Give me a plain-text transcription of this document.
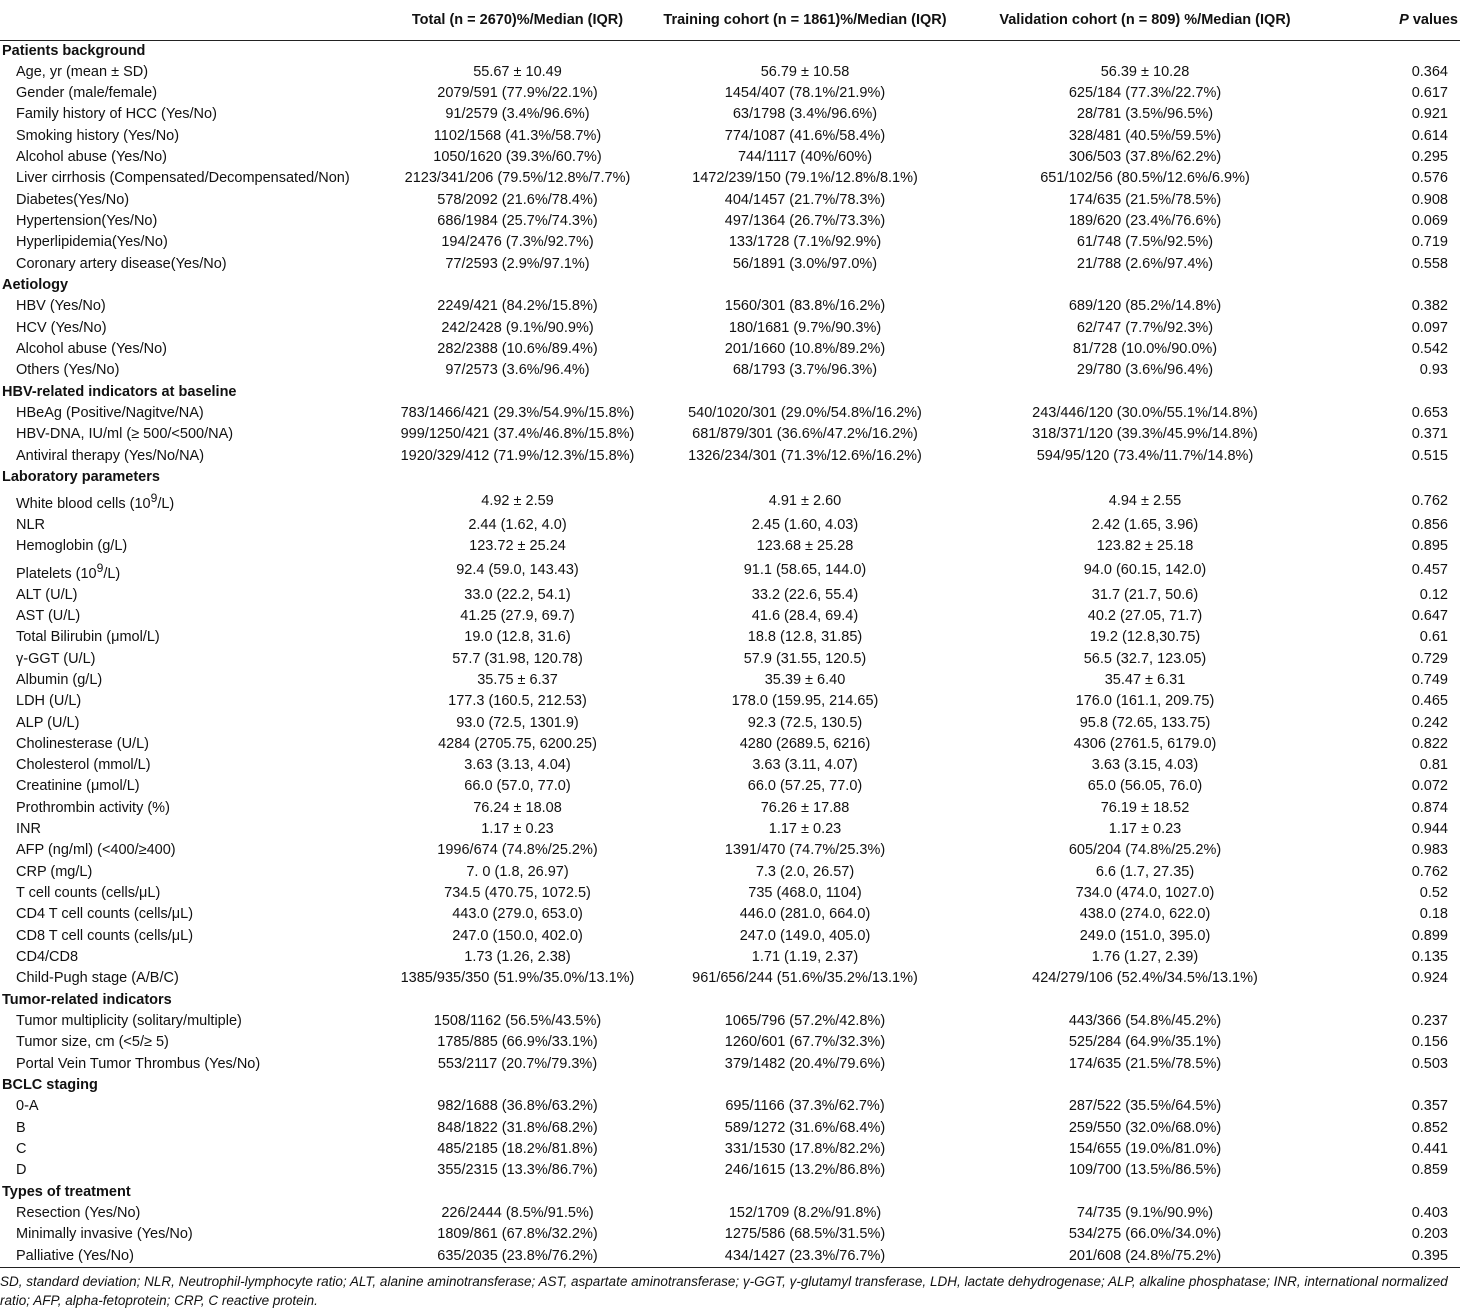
	Total (n = 2670)%/Median (IQR)	Training cohort (n = 1861)%/Median (IQR)	Validation cohort (n = 809) %/Median (IQR)	P values
Patients background				
Age, yr (mean ± SD)	55.67 ± 10.49	56.79 ± 10.58	56.39 ± 10.28	0.364
Gender (male/female)	2079/591 (77.9%/22.1%)	1454/407 (78.1%/21.9%)	625/184 (77.3%/22.7%)	0.617
Family history of HCC (Yes/No)	91/2579 (3.4%/96.6%)	63/1798 (3.4%/96.6%)	28/781 (3.5%/96.5%)	0.921
Smoking history (Yes/No)	1102/1568 (41.3%/58.7%)	774/1087 (41.6%/58.4%)	328/481 (40.5%/59.5%)	0.614
Alcohol abuse (Yes/No)	1050/1620 (39.3%/60.7%)	744/1117 (40%/60%)	306/503 (37.8%/62.2%)	0.295
Liver cirrhosis (Compensated/Decompensated/Non)	2123/341/206 (79.5%/12.8%/7.7%)	1472/239/150 (79.1%/12.8%/8.1%)	651/102/56 (80.5%/12.6%/6.9%)	0.576
Diabetes(Yes/No)	578/2092 (21.6%/78.4%)	404/1457 (21.7%/78.3%)	174/635 (21.5%/78.5%)	0.908
Hypertension(Yes/No)	686/1984 (25.7%/74.3%)	497/1364 (26.7%/73.3%)	189/620 (23.4%/76.6%)	0.069
Hyperlipidemia(Yes/No)	194/2476 (7.3%/92.7%)	133/1728 (7.1%/92.9%)	61/748 (7.5%/92.5%)	0.719
Coronary artery disease(Yes/No)	77/2593 (2.9%/97.1%)	56/1891 (3.0%/97.0%)	21/788 (2.6%/97.4%)	0.558
Aetiology				
HBV (Yes/No)	2249/421 (84.2%/15.8%)	1560/301 (83.8%/16.2%)	689/120 (85.2%/14.8%)	0.382
HCV (Yes/No)	242/2428 (9.1%/90.9%)	180/1681 (9.7%/90.3%)	62/747 (7.7%/92.3%)	0.097
Alcohol abuse (Yes/No)	282/2388 (10.6%/89.4%)	201/1660 (10.8%/89.2%)	81/728 (10.0%/90.0%)	0.542
Others (Yes/No)	97/2573 (3.6%/96.4%)	68/1793 (3.7%/96.3%)	29/780 (3.6%/96.4%)	0.93
HBV-related indicators at baseline				
HBeAg (Positive/Nagitve/NA)	783/1466/421 (29.3%/54.9%/15.8%)	540/1020/301 (29.0%/54.8%/16.2%)	243/446/120 (30.0%/55.1%/14.8%)	0.653
HBV-DNA, IU/ml (≥ 500/<500/NA)	999/1250/421 (37.4%/46.8%/15.8%)	681/879/301 (36.6%/47.2%/16.2%)	318/371/120 (39.3%/45.9%/14.8%)	0.371
Antiviral therapy (Yes/No/NA)	1920/329/412 (71.9%/12.3%/15.8%)	1326/234/301 (71.3%/12.6%/16.2%)	594/95/120 (73.4%/11.7%/14.8%)	0.515
Laboratory parameters				
White blood cells $(10^9/L)$	4.92 ± 2.59	4.91 ± 2.60	4.94 ± 2.55	0.762
NLR	2.44 (1.62, 4.0)	2.45 (1.60, 4.03)	2.42 (1.65, 3.96)	0.856
Hemoglobin (g/L)	123.72 ± 25.24	123.68 ± 25.28	123.82 ± 25.18	0.895
Platelets $(10^9/L)$	92.4 (59.0, 143.43)	91.1 (58.65, 144.0)	94.0 (60.15, 142.0)	0.457
ALT (U/L)	33.0 (22.2, 54.1)	33.2 (22.6, 55.4)	31.7 (21.7, 50.6)	0.12
AST (U/L)	41.25 (27.9, 69.7)	41.6 (28.4, 69.4)	40.2 (27.05, 71.7)	0.647
Total Bilirubin (μmol/L)	19.0 (12.8, 31.6)	18.8 (12.8, 31.85)	19.2 (12.8,30.75)	0.61
γ-GGT (U/L)	57.7 (31.98, 120.78)	57.9 (31.55, 120.5)	56.5 (32.7, 123.05)	0.729
Albumin (g/L)	35.75 ± 6.37	35.39 ± 6.40	35.47 ± 6.31	0.749
LDH (U/L)	177.3 (160.5, 212.53)	178.0 (159.95, 214.65)	176.0 (161.1, 209.75)	0.465
ALP (U/L)	93.0 (72.5, 1301.9)	92.3 (72.5, 130.5)	95.8 (72.65, 133.75)	0.242
Cholinesterase (U/L)	4284 (2705.75, 6200.25)	4280 (2689.5, 6216)	4306 (2761.5, 6179.0)	0.822
Cholesterol (mmol/L)	3.63 (3.13, 4.04)	3.63 (3.11, 4.07)	3.63 (3.15, 4.03)	0.81
Creatinine (μmol/L)	66.0 (57.0, 77.0)	66.0 (57.25, 77.0)	65.0 (56.05, 76.0)	0.072
Prothrombin activity (%)	76.24 ± 18.08	76.26 ± 17.88	76.19 ± 18.52	0.874
INR	1.17 ± 0.23	1.17 ± 0.23	1.17 ± 0.23	0.944
AFP (ng/ml) (<400/≥400)	1996/674 (74.8%/25.2%)	1391/470 (74.7%/25.3%)	605/204 (74.8%/25.2%)	0.983
CRP (mg/L)	7. 0 (1.8, 26.97)	7.3 (2.0, 26.57)	6.6 (1.7, 27.35)	0.762
T cell counts (cells/μL)	734.5 (470.75, 1072.5)	735 (468.0, 1104)	734.0 (474.0, 1027.0)	0.52
CD4 T cell counts (cells/μL)	443.0 (279.0, 653.0)	446.0 (281.0, 664.0)	438.0 (274.0, 622.0)	0.18
CD8 T cell counts (cells/μL)	247.0 (150.0, 402.0)	247.0 (149.0, 405.0)	249.0 (151.0, 395.0)	0.899
CD4/CD8	1.73 (1.26, 2.38)	1.71 (1.19, 2.37)	1.76 (1.27, 2.39)	0.135
Child-Pugh stage (A/B/C)	1385/935/350 (51.9%/35.0%/13.1%)	961/656/244 (51.6%/35.2%/13.1%)	424/279/106 (52.4%/34.5%/13.1%)	0.924
Tumor-related indicators				
Tumor multiplicity (solitary/multiple)	1508/1162 (56.5%/43.5%)	1065/796 (57.2%/42.8%)	443/366 (54.8%/45.2%)	0.237
Tumor size, cm (<5/≥ 5)	1785/885 (66.9%/33.1%)	1260/601 (67.7%/32.3%)	525/284 (64.9%/35.1%)	0.156
Portal Vein Tumor Thrombus (Yes/No)	553/2117 (20.7%/79.3%)	379/1482 (20.4%/79.6%)	174/635 (21.5%/78.5%)	0.503
BCLC staging				
0-A	982/1688 (36.8%/63.2%)	695/1166 (37.3%/62.7%)	287/522 (35.5%/64.5%)	0.357
B	848/1822 (31.8%/68.2%)	589/1272 (31.6%/68.4%)	259/550 (32.0%/68.0%)	0.852
C	485/2185 (18.2%/81.8%)	331/1530 (17.8%/82.2%)	154/655 (19.0%/81.0%)	0.441
D	355/2315 (13.3%/86.7%)	246/1615 (13.2%/86.8%)	109/700 (13.5%/86.5%)	0.859
Types of treatment				
Resection (Yes/No)	226/2444 (8.5%/91.5%)	152/1709 (8.2%/91.8%)	74/735 (9.1%/90.9%)	0.403
Minimally invasive (Yes/No)	1809/861 (67.8%/32.2%)	1275/586 (68.5%/31.5%)	534/275 (66.0%/34.0%)	0.203
Palliative (Yes/No)	635/2035 (23.8%/76.2%)	434/1427 (23.3%/76.7%)	201/608 (24.8%/75.2%)	0.395
SD, standard deviation; NLR, Neutrophil-lymphocyte ratio; ALT, alanine aminotransferase; AST, aspartate aminotransferase; γ-GGT, γ-glutamyl transferase, LDH, lactate dehydrogenase; ALP, alkaline phosphatase; INR, international normalized ratio; AFP, alpha-fetoprotein; CRP, C reactive protein.
